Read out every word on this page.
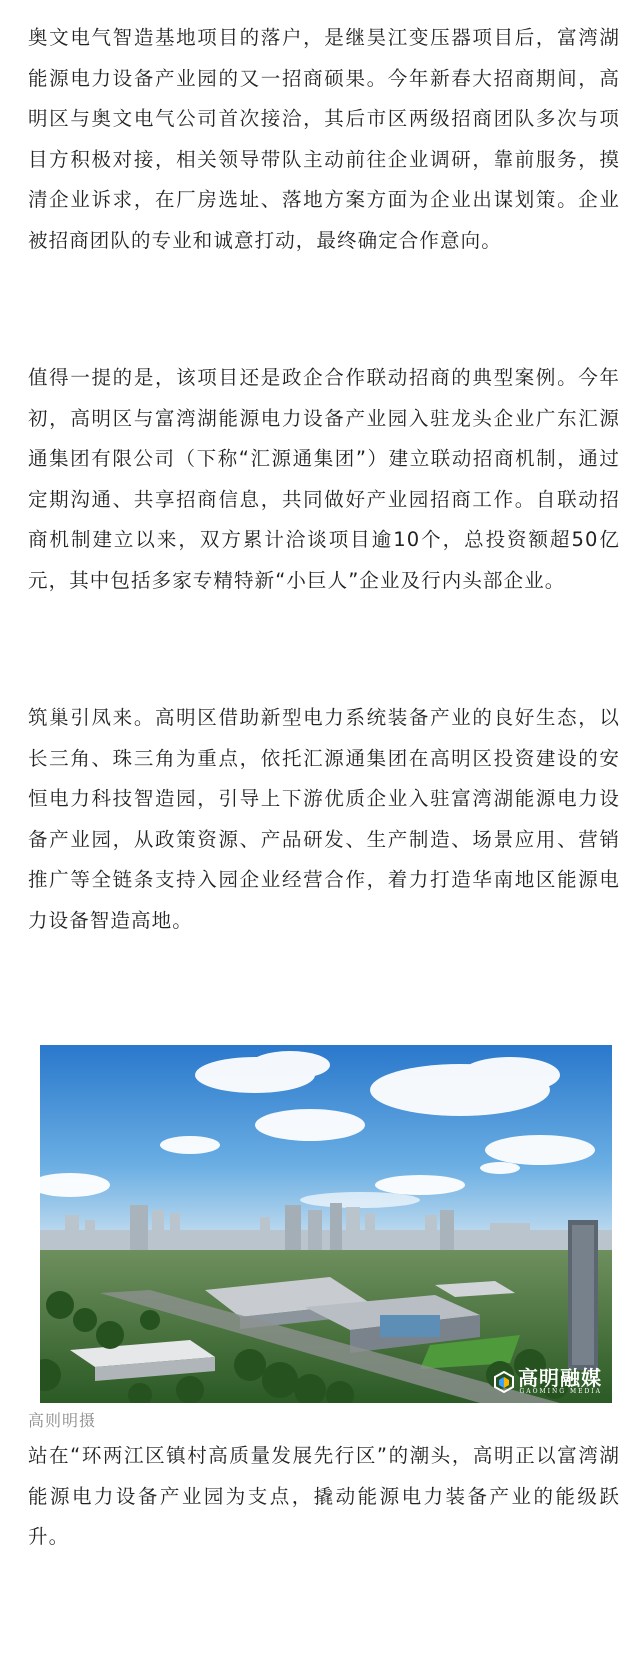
奥文电气智造基地项目的落户，是继昊江变压器项目后，富湾湖能源电力设备产业园的又一招商硕果。今年新春大招商期间，高明区与奥文电气公司首次接洽，其后市区两级招商团队多次与项目方积极对接，相关领导带队主动前往企业调研，靠前服务，摸清企业诉求，在厂房选址、落地方案方面为企业出谋划策。企业被招商团队的专业和诚意打动，最终确定合作意向。

值得一提的是，该项目还是政企合作联动招商的典型案例。今年初，高明区与富湾湖能源电力设备产业园入驻龙头企业广东汇源通集团有限公司（下称“汇源通集团”）建立联动招商机制，通过定期沟通、共享招商信息，共同做好产业园招商工作。自联动招商机制建立以来，双方累计洽谈项目逾10个，总投资额超50亿元，其中包括多家专精特新“小巨人”企业及行内头部企业。

筑巢引凤来。高明区借助新型电力系统装备产业的良好生态，以长三角、珠三角为重点，依托汇源通集团在高明区投资建设的安恒电力科技智造园，引导上下游优质企业入驻富湾湖能源电力设备产业园，从政策资源、产品研发、生产制造、场景应用、营销推广等全链条支持入园企业经营合作，着力打造华南地区能源电力设备智造高地。

高明融媒
GAOMING MEDIA

高则明摄

站在“环两江区镇村高质量发展先行区”的潮头，高明正以富湾湖能源电力设备产业园为支点，撬动能源电力装备产业的能级跃升。
